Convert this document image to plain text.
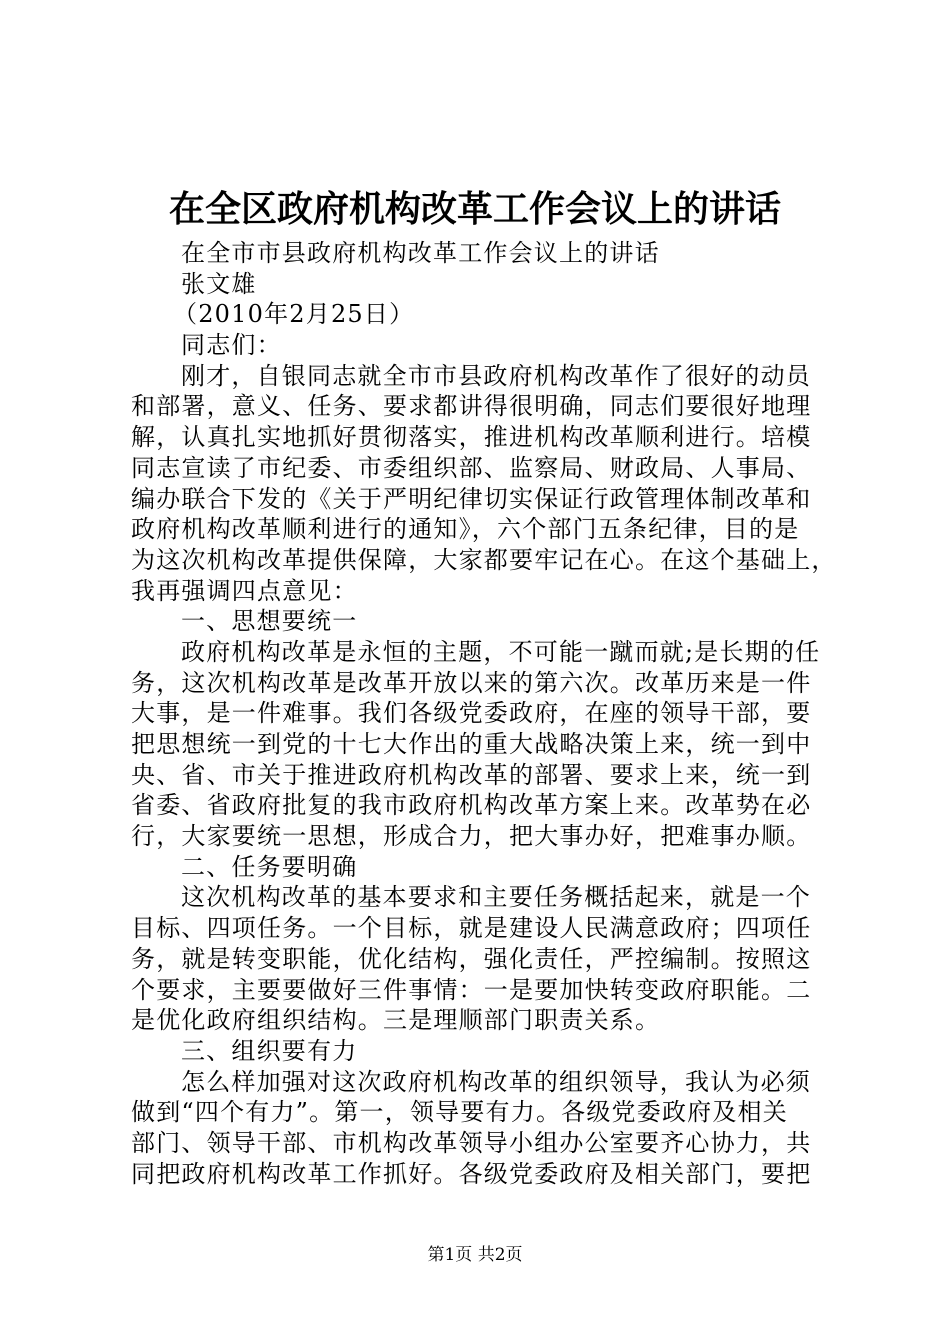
在全区政府机构改革工作会议上的讲话
在全市市县政府机构改革工作会议上的讲话
张文雄
（2010年2月25日）
同志们：
刚才，自银同志就全市市县政府机构改革作了很好的动员
和部署，意义、任务、要求都讲得很明确，同志们要很好地理
解，认真扎实地抓好贯彻落实，推进机构改革顺利进行。培模
同志宣读了市纪委、市委组织部、监察局、财政局、人事局、
编办联合下发的《关于严明纪律切实保证行政管理体制改革和
政府机构改革顺利进行的通知》，六个部门五条纪律，目的是
为这次机构改革提供保障，大家都要牢记在心。在这个基础上，
我再强调四点意见：
一、思想要统一
政府机构改革是永恒的主题，不可能一蹴而就;是长期的任
务，这次机构改革是改革开放以来的第六次。改革历来是一件
大事，是一件难事。我们各级党委政府，在座的领导干部，要
把思想统一到党的十七大作出的重大战略决策上来，统一到中
央、省、市关于推进政府机构改革的部署、要求上来，统一到
省委、省政府批复的我市政府机构改革方案上来。改革势在必
行，大家要统一思想，形成合力，把大事办好，把难事办顺。
二、任务要明确
这次机构改革的基本要求和主要任务概括起来，就是一个
目标、四项任务。一个目标，就是建设人民满意政府；四项任
务，就是转变职能，优化结构，强化责任，严控编制。按照这
个要求，主要要做好三件事情：一是要加快转变政府职能。二
是优化政府组织结构。三是理顺部门职责关系。
三、组织要有力
怎么样加强对这次政府机构改革的组织领导，我认为必须
做到“四个有力”。第一，领导要有力。各级党委政府及相关
部门、领导干部、市机构改革领导小组办公室要齐心协力，共
同把政府机构改革工作抓好。各级党委政府及相关部门，要把
第1页 共2页
